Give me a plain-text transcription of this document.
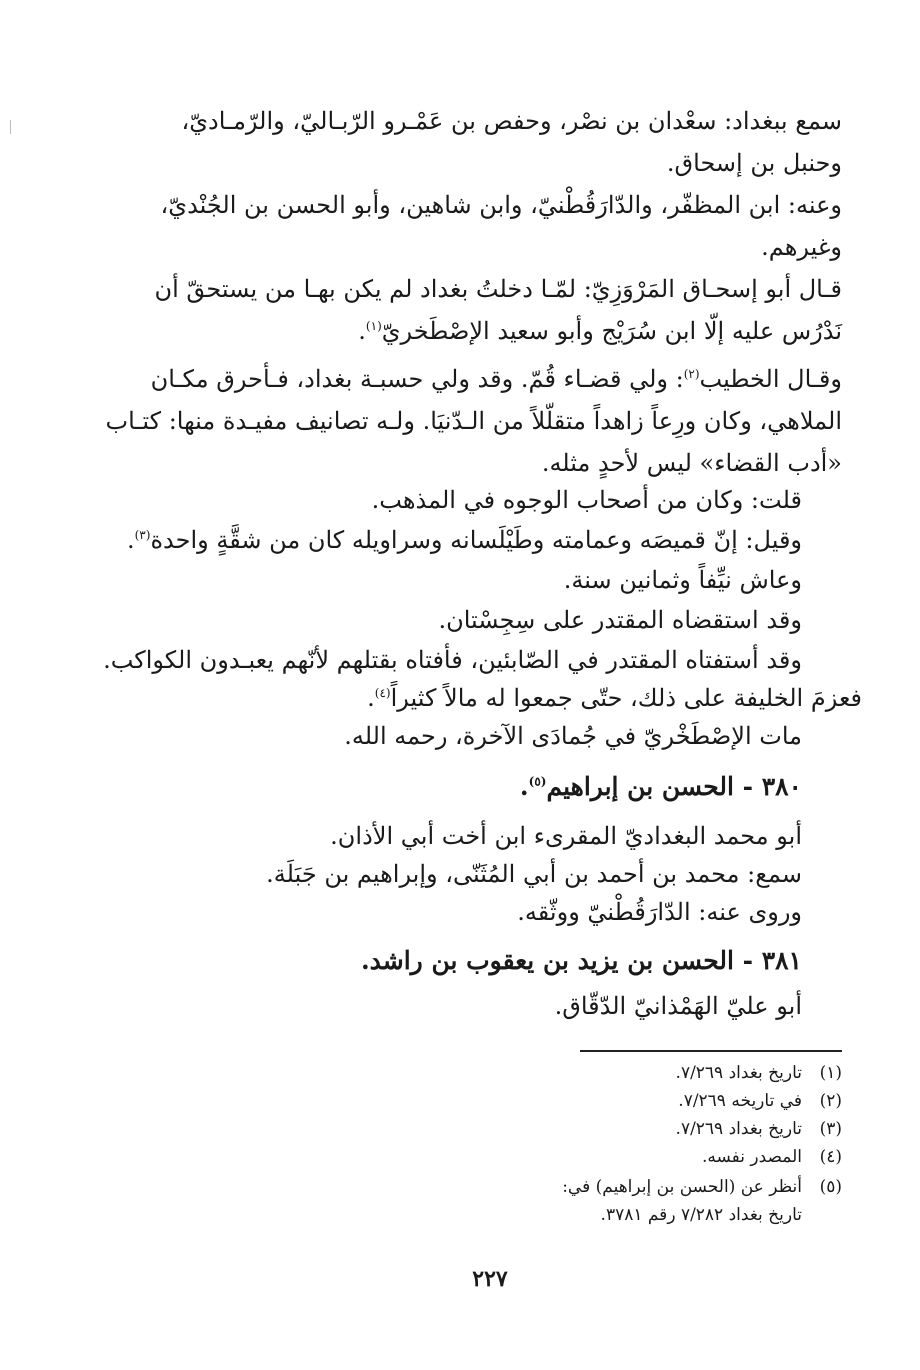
سمع ببغداد: سعْدان بن نصْر، وحفص بن عَمْـرو الرّبـاليّ، والرّمـاديّ،
وحنبل بن إسحاق.

وعنه: ابن المظفّر، والدّارَقُطْنيّ، وابن شاهين، وأبو الحسن بن الجُنْديّ،
وغيرهم.

قـال أبو إسحـاق المَرْوَزِيّ: لمّـا دخلتُ بغداد لم يكن بهـا من يستحقّ أن
نَدْرُس عليه إلّا ابن سُرَيْج وأبو سعيد الإصْطَخريّ$^{(١)}$.

وقـال الخطيب$^{(٢)}$: ولي قضـاء قُمّ. وقد ولي حسبـة بغداد، فـأحرق مكـان
الملاهي، وكان ورِعاً زاهداً متقلّلاً من الـدّنيَا. ولـه تصانيف مفيـدة منها: كتـاب
«أدب القضاء» ليس لأحدٍ مثله.

قلت: وكان من أصحاب الوجوه في المذهب.
وقيل: إنّ قميصَه وعمامته وطَيْلَسانه وسراويله كان من شقَّةٍ واحدة$^{(٣)}$.
وعاش نيِّفاً وثمانين سنة.
وقد استقضاه المقتدر على سِجِسْتان.
وقد أستفتاه المقتدر في الصّابئين، فأفتاه بقتلهم لأنّهم يعبـدون الكواكب.
فعزمَ الخليفة على ذلك، حتّى جمعوا له مالاً كثيراً$^{(٤)}$.
مات الإصْطَخْريّ في جُمادَى الآخرة، رحمه الله.
٣٨٠ - الحسن بن إبراهيم$^{(٥)}$.
أبو محمد البغداديّ المقرىء ابن أخت أبي الأذان.
سمع: محمد بن أحمد بن أبي المُثَنّى، وإبراهيم بن جَبَلَة.
وروى عنه: الدّارَقُطْنيّ ووثّقه.
٣٨١ - الحسن بن يزيد بن يعقوب بن راشد.
أبو عليّ الهَمْذانيّ الدّقّاق.
(١)تاريخ بغداد ٧/٢٦٩.
(٢)في تاريخه ٧/٢٦٩.
(٣)تاريخ بغداد ٧/٢٦٩.
(٤)المصدر نفسه.
(٥)أنظر عن (الحسن بن إبراهيم) في:
تاريخ بغداد ٧/٢٨٢ رقم ٣٧٨١.
٢٢٧
